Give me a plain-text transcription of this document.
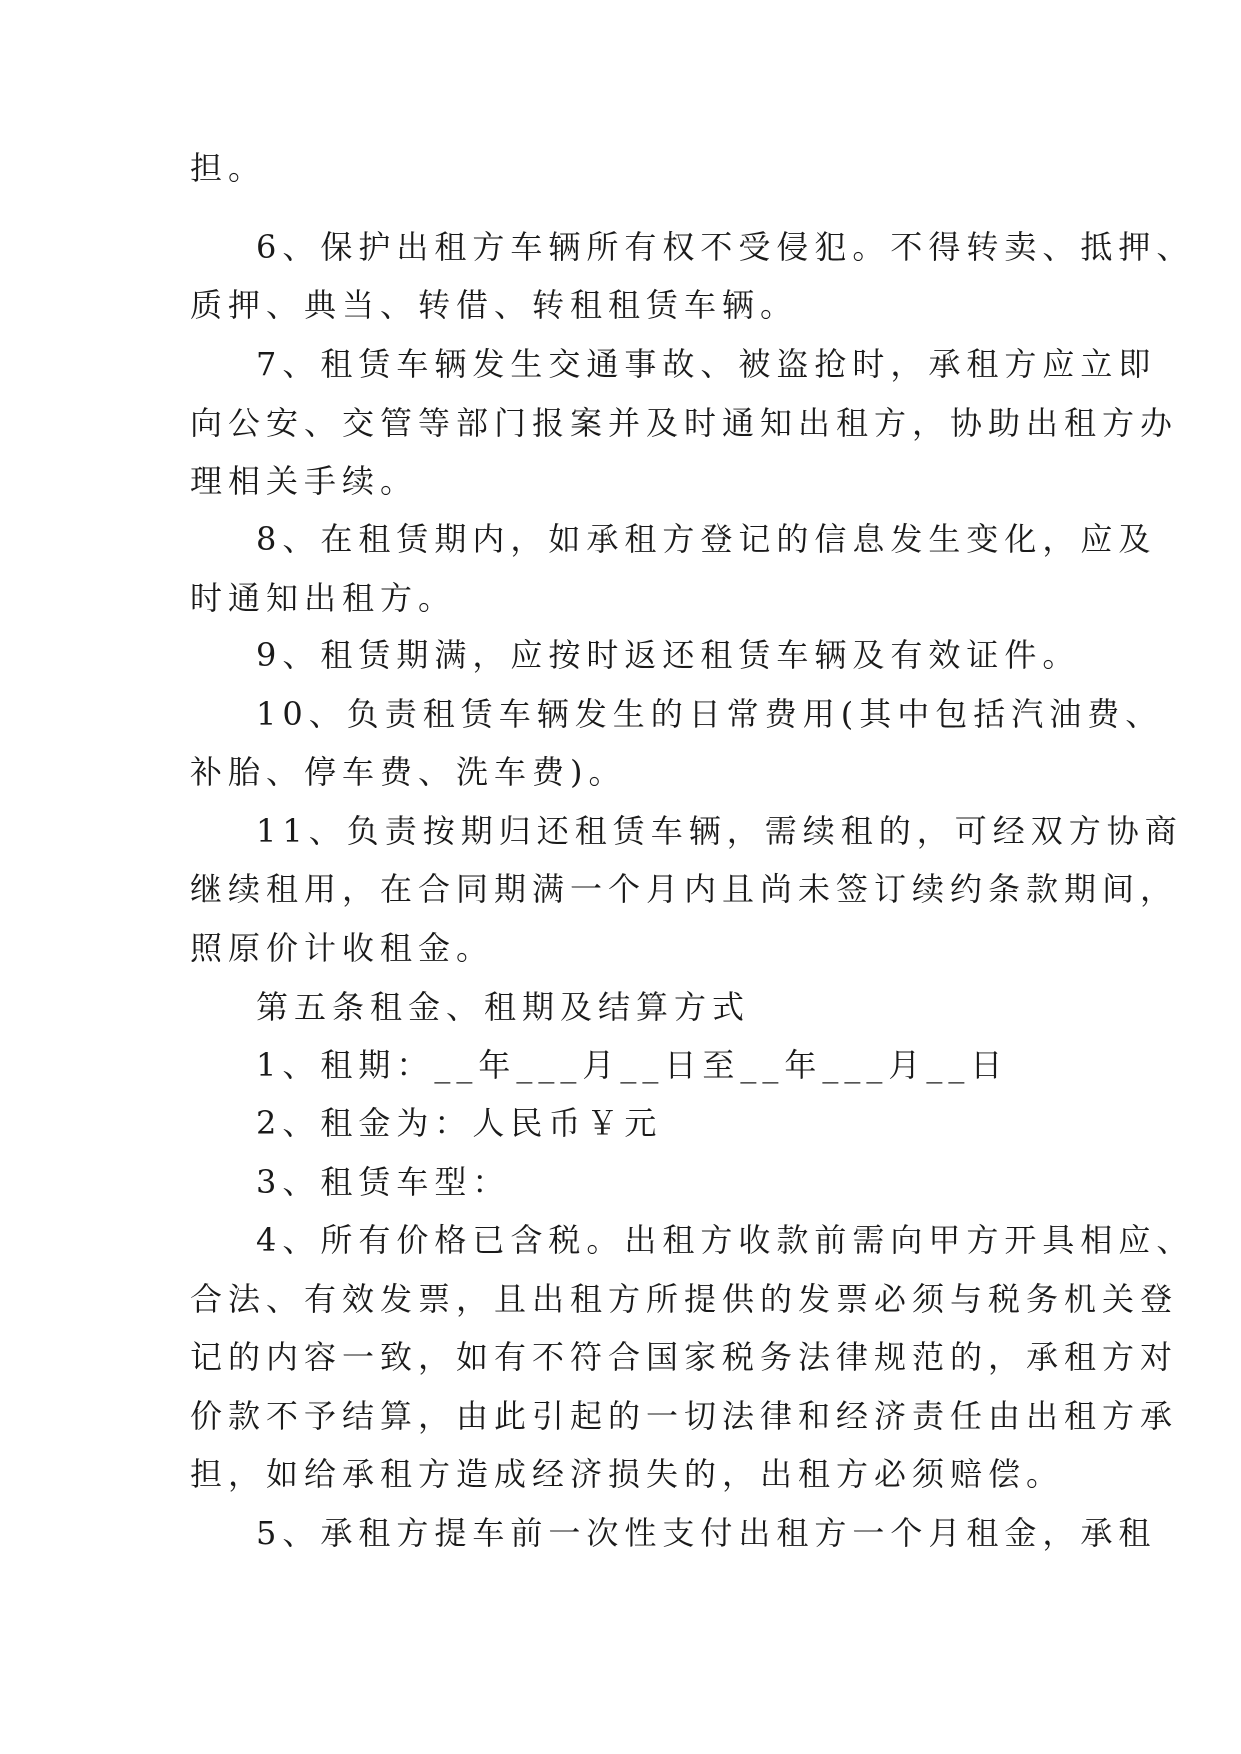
担。
6、保护出租方车辆所有权不受侵犯。不得转卖、抵押、
质押、典当、转借、转租租赁车辆。
7、租赁车辆发生交通事故、被盗抢时，承租方应立即
向公安、交管等部门报案并及时通知出租方，协助出租方办
理相关手续。
8、在租赁期内，如承租方登记的信息发生变化，应及
时通知出租方。
9、租赁期满，应按时返还租赁车辆及有效证件。
10、负责租赁车辆发生的日常费用(其中包括汽油费、
补胎、停车费、洗车费)。
11、负责按期归还租赁车辆，需续租的，可经双方协商
继续租用，在合同期满一个月内且尚未签订续约条款期间，
照原价计收租金。
第五条租金、租期及结算方式
1、租期：__年___月__日至__年___月__日
2、租金为：人民币￥元
3、租赁车型：
4、所有价格已含税。出租方收款前需向甲方开具相应、
合法、有效发票，且出租方所提供的发票必须与税务机关登
记的内容一致，如有不符合国家税务法律规范的，承租方对
价款不予结算，由此引起的一切法律和经济责任由出租方承
担，如给承租方造成经济损失的，出租方必须赔偿。
5、承租方提车前一次性支付出租方一个月租金，承租
